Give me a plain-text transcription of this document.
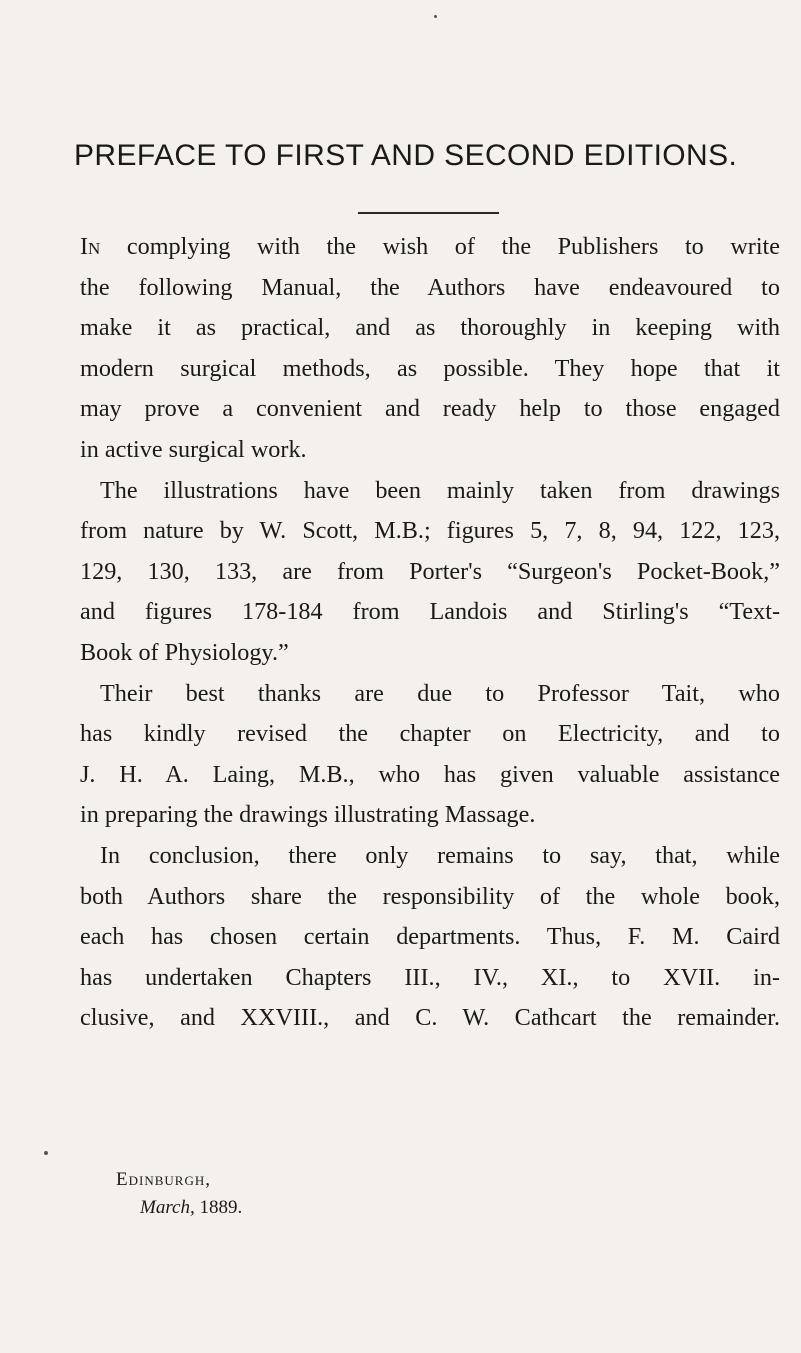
PREFACE TO FIRST AND SECOND EDITIONS.
In complying with the wish of the Publishers to write
the following Manual, the Authors have endeavoured to
make it as practical, and as thoroughly in keeping with
modern surgical methods, as possible. They hope that it
may prove a convenient and ready help to those engaged
in active surgical work.
The illustrations have been mainly taken from drawings
from nature by W. Scott, M.B.; figures 5, 7, 8, 94, 122, 123,
129, 130, 133, are from Porter's “Surgeon's Pocket-Book,”
and figures 178-184 from Landois and Stirling's “Text-
Book of Physiology.”
Their best thanks are due to Professor Tait, who
has kindly revised the chapter on Electricity, and to
J. H. A. Laing, M.B., who has given valuable assistance
in preparing the drawings illustrating Massage.
In conclusion, there only remains to say, that, while
both Authors share the responsibility of the whole book,
each has chosen certain departments. Thus, F. M. Caird
has undertaken Chapters III., IV., XI., to XVII. in-
clusive, and XXVIII., and C. W. Cathcart the remainder.
Edinburgh,
March, 1889.
